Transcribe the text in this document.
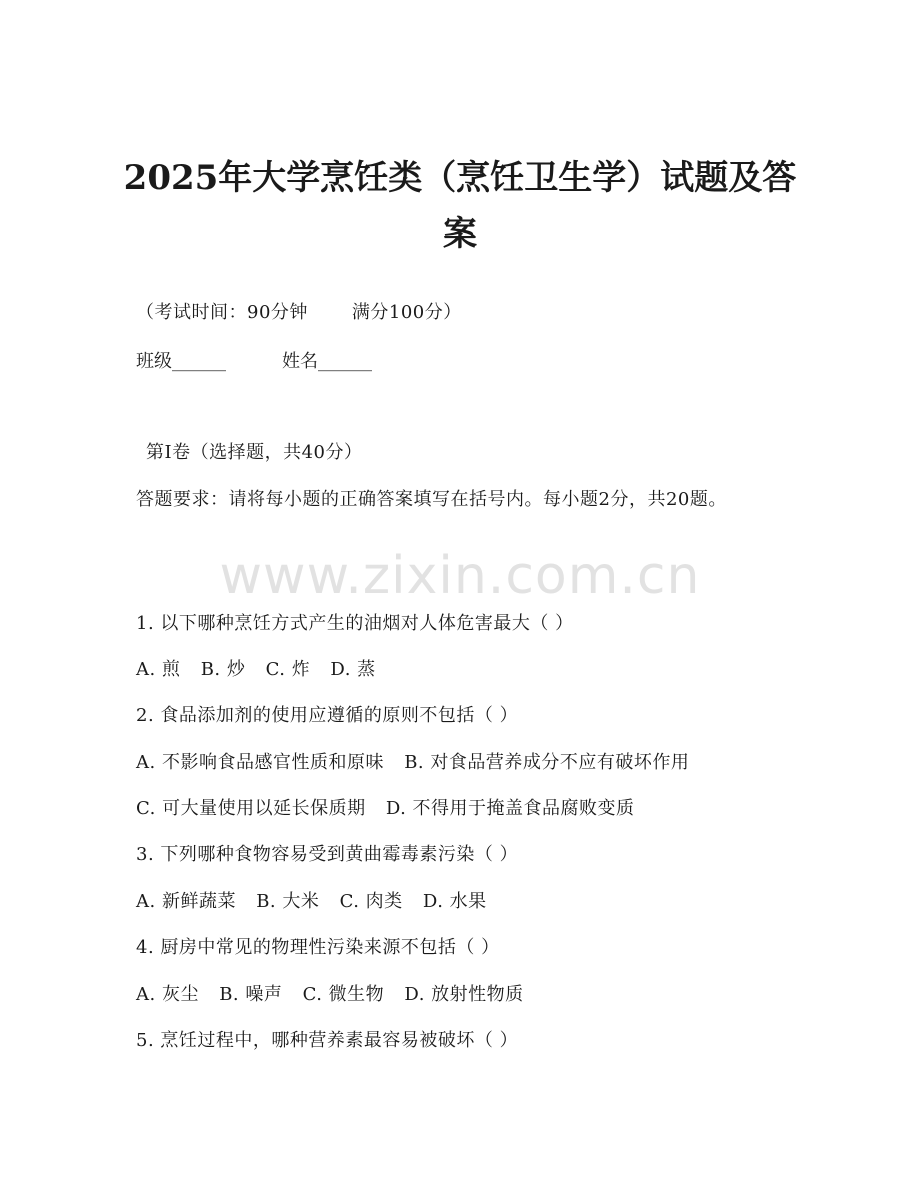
2025年大学烹饪类（烹饪卫生学）试题及答案
（考试时间：90分钟 满分100分）
班级______	姓名______
第Ⅰ卷（选择题，共40分）
答题要求：请将每小题的正确答案填写在括号内。每小题2分，共20题。
www.zixin.com.cn
1. 以下哪种烹饪方式产生的油烟对人体危害最大（ ）
A. 煎 B. 炒 C. 炸 D. 蒸
2. 食品添加剂的使用应遵循的原则不包括（ ）
A. 不影响食品感官性质和原味 B. 对食品营养成分不应有破坏作用
C. 可大量使用以延长保质期 D. 不得用于掩盖食品腐败变质
3. 下列哪种食物容易受到黄曲霉毒素污染（ ）
A. 新鲜蔬菜 B. 大米 C. 肉类 D. 水果
4. 厨房中常见的物理性污染来源不包括（ ）
A. 灰尘 B. 噪声 C. 微生物 D. 放射性物质
5. 烹饪过程中，哪种营养素最容易被破坏（ ）
